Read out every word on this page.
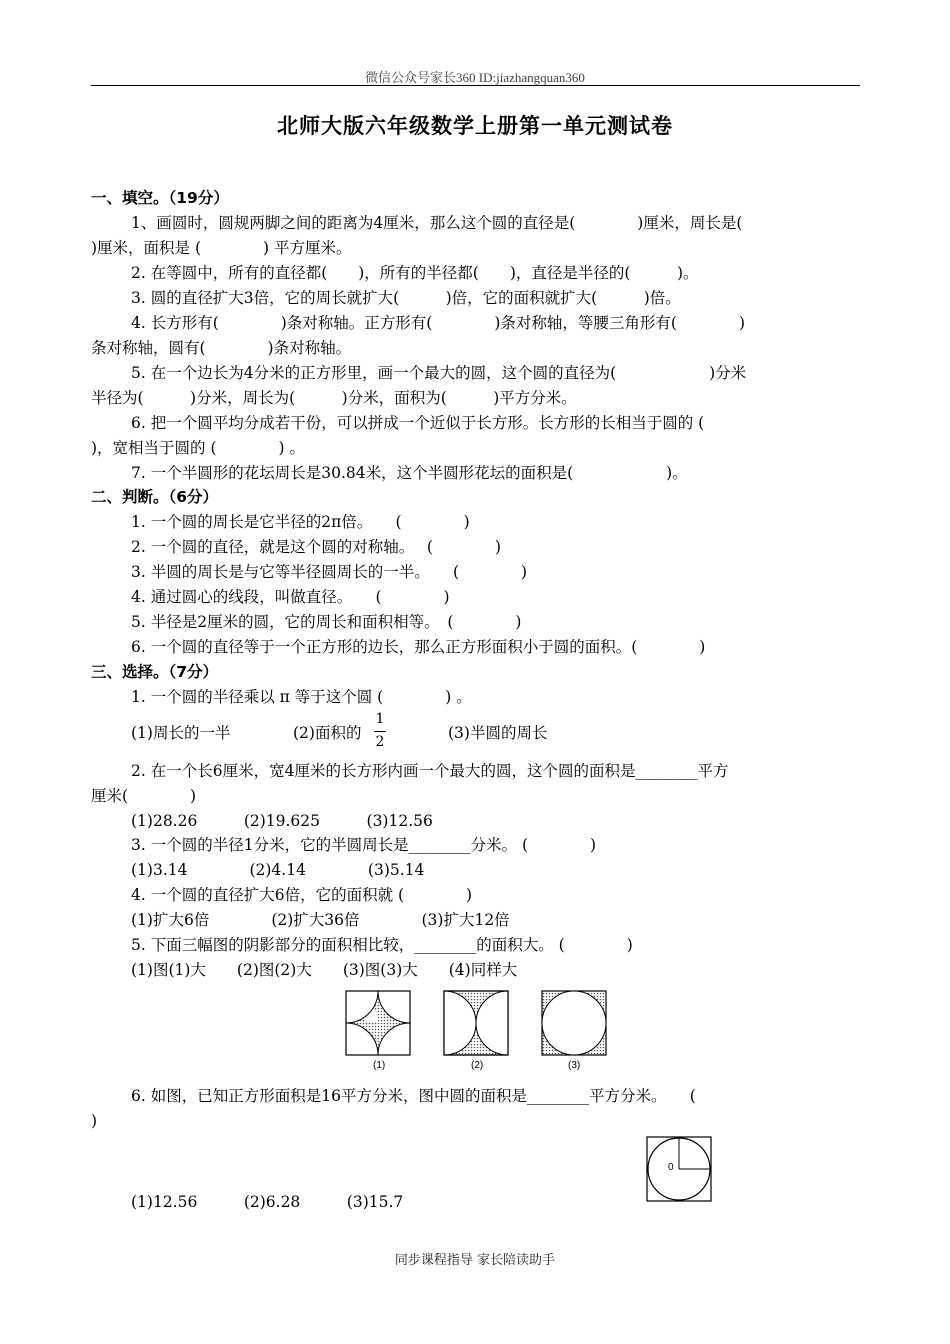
微信公众号家长360 ID:jiazhangquan360
北师大版六年级数学上册第一单元测试卷
一、填空。（19分）
1、画圆时，圆规两脚之间的距离为4厘米，那么这个圆的直径是(　　　　)厘米，周长是(
)厘米，面积是 (　　　　) 平方厘米。
2. 在等圆中，所有的直径都(　　)，所有的半径都(　　)，直径是半径的(　　　)。
3. 圆的直径扩大3倍，它的周长就扩大(　　　)倍，它的面积就扩大(　　　)倍。
4. 长方形有(　　　　)条对称轴。正方形有(　　　　)条对称轴，等腰三角形有(　　　　)
条对称轴，圆有(　　　　)条对称轴。
5. 在一个边长为4分米的正方形里，画一个最大的圆，这个圆的直径为(　　　　　　)分米
半径为(　　　)分米，周长为(　　　)分米，面积为(　　　)平方分米。
6. 把一个圆平均分成若干份，可以拼成一个近似于长方形。长方形的长相当于圆的 (
)，宽相当于圆的 (　　　　) 。
7. 一个半圆形的花坛周长是30.84米，这个半圆形花坛的面积是(　　　　　　)。
二、判断。（6分）
1. 一个圆的周长是它半径的2π倍。　　(　　　　)
2. 一个圆的直径，就是这个圆的对称轴。　 (　　　　)
3. 半圆的周长是与它等半径圆周长的一半。　　(　　　　)
4. 通过圆心的线段，叫做直径。　　(　　　　)
5. 半径是2厘米的圆，它的周长和面积相等。　(　　　　)
6. 一个圆的直径等于一个正方形的边长，那么正方形面积小于圆的面积。(　　　　)
三、选择。（7分）
1. 一个圆的半径乘以 π 等于这个圆 (　　　　) 。
(1)周长的一半	(2)面积的
1
2	(3)半圆的周长
2. 在一个长6厘米，宽4厘米的长方形内画一个最大的圆，这个圆的面积是________平方
厘米(　　　　)
(1)28.26　　　(2)19.625　　　(3)12.56
3. 一个圆的半径1分米，它的半圆周长是________分米。 (　　　　)
(1)3.14　　　　(2)4.14　　　　(3)5.14
4. 一个圆的直径扩大6倍，它的面积就 (　　　　)
(1)扩大6倍　　　　(2)扩大36倍　　　　(3)扩大12倍
5. 下面三幅图的阴影部分的面积相比较，________的面积大。 (　　　　)
(1)图(1)大　　(2)图(2)大　　(3)图(3)大　　(4)同样大
(1)	(2)	(3)
6. 如图，已知正方形面积是16平方分米，图中圆的面积是________平方分米。　　(
)
0
(1)12.56　　　(2)6.28　　　(3)15.7
同步课程指导 家长陪读助手
